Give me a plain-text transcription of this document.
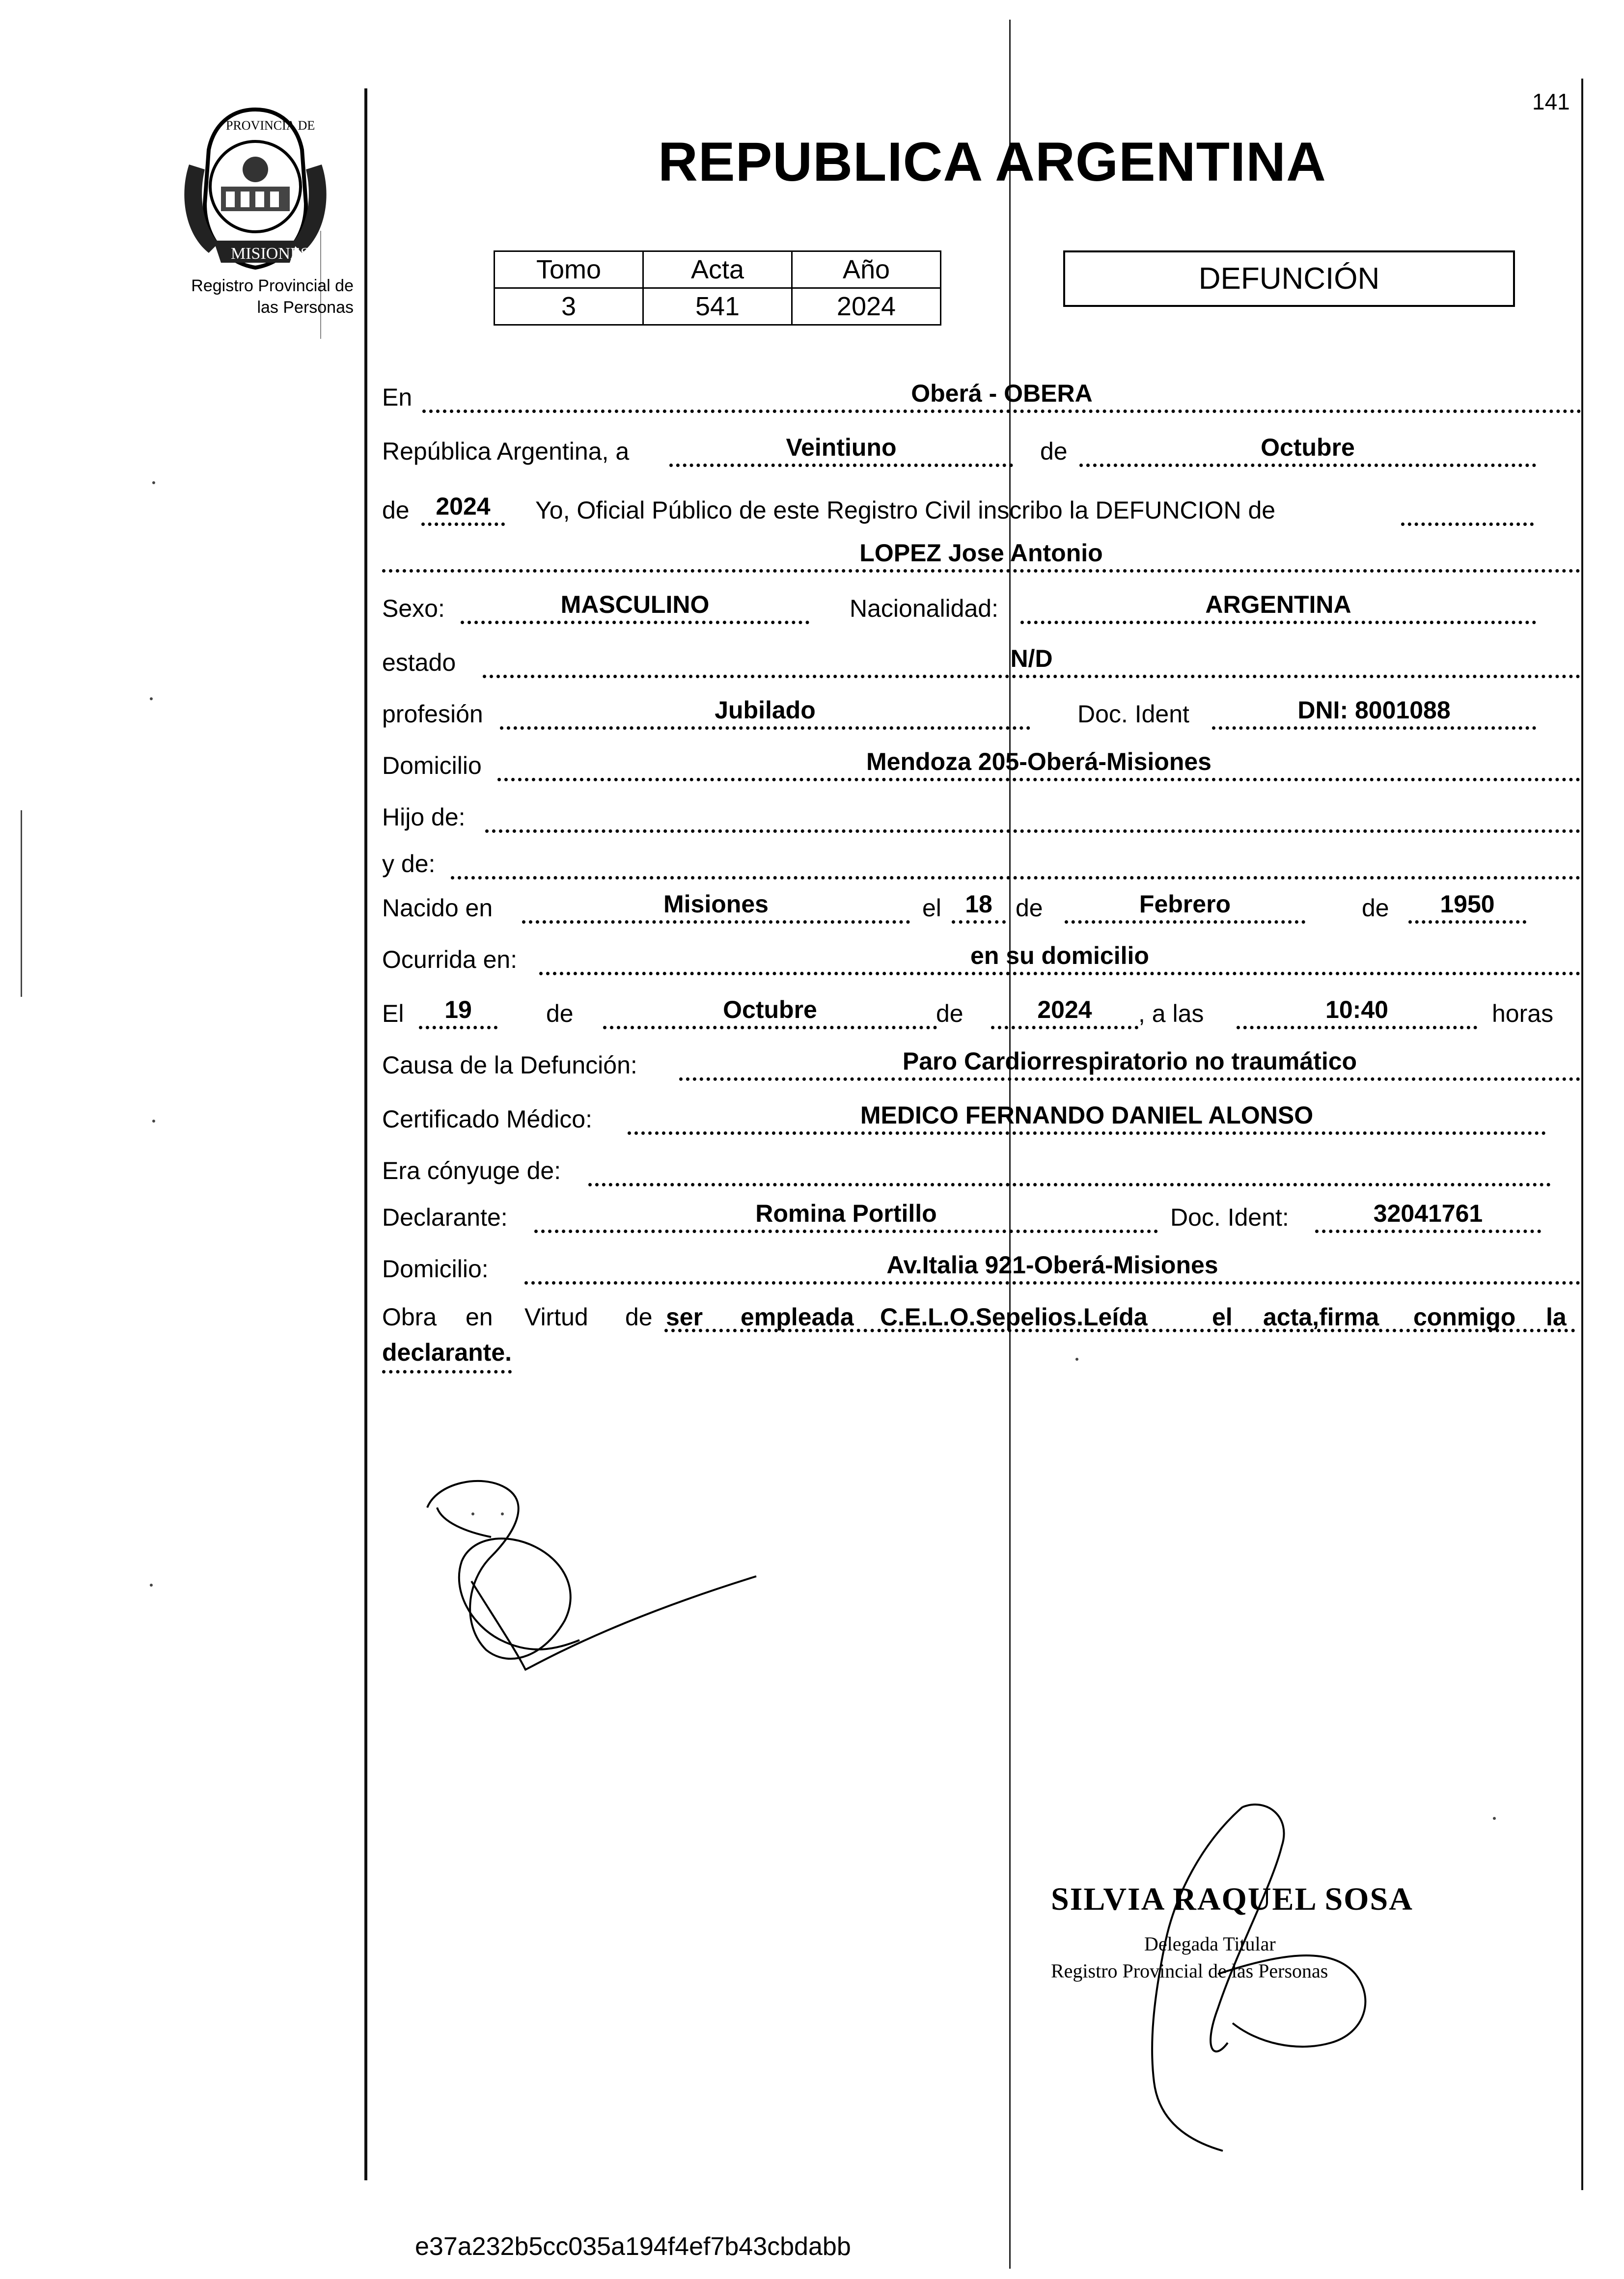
141
PROVINCIA DE
MISIONES
Registro Provincial de
las Personas
REPUBLICA ARGENTINA
Tomo	Acta	Año
3	541	2024
DEFUNCIÓN
En	Oberá - OBERA
República Argentina, a	Veintiuno	de	Octubre
de	2024	Yo, Oficial Público de este Registro Civil inscribo la DEFUNCION de
LOPEZ Jose Antonio
Sexo:	MASCULINO	Nacionalidad:	ARGENTINA
estado	N/D
profesión	Jubilado	Doc. Ident	DNI: 8001088
Domicilio	Mendoza 205-Oberá-Misiones
Hijo de:
y de:
Nacido en	Misiones	el 18 de	Febrero	de	1950
Ocurrida en:	en su domicilio
El	19	de	Octubre	de	2024	, a las	10:40	horas
Causa de la Defunción:	Paro Cardiorrespiratorio no traumático
Certificado Médico:	MEDICO FERNANDO DANIEL ALONSO
Era cónyuge de:
Declarante:	Romina Portillo	Doc. Ident:	32041761
Domicilio:	Av.Italia 921-Oberá-Misiones
Obra en Virtud de ser empleada C.E.L.O.Sepelios.Leída	el acta,firma conmigo la
declarante.
SILVIA RAQUEL SOSA
Delegada Titular
Registro Provincial de las Personas
e37a232b5cc035a194f4ef7b43cbdabb
